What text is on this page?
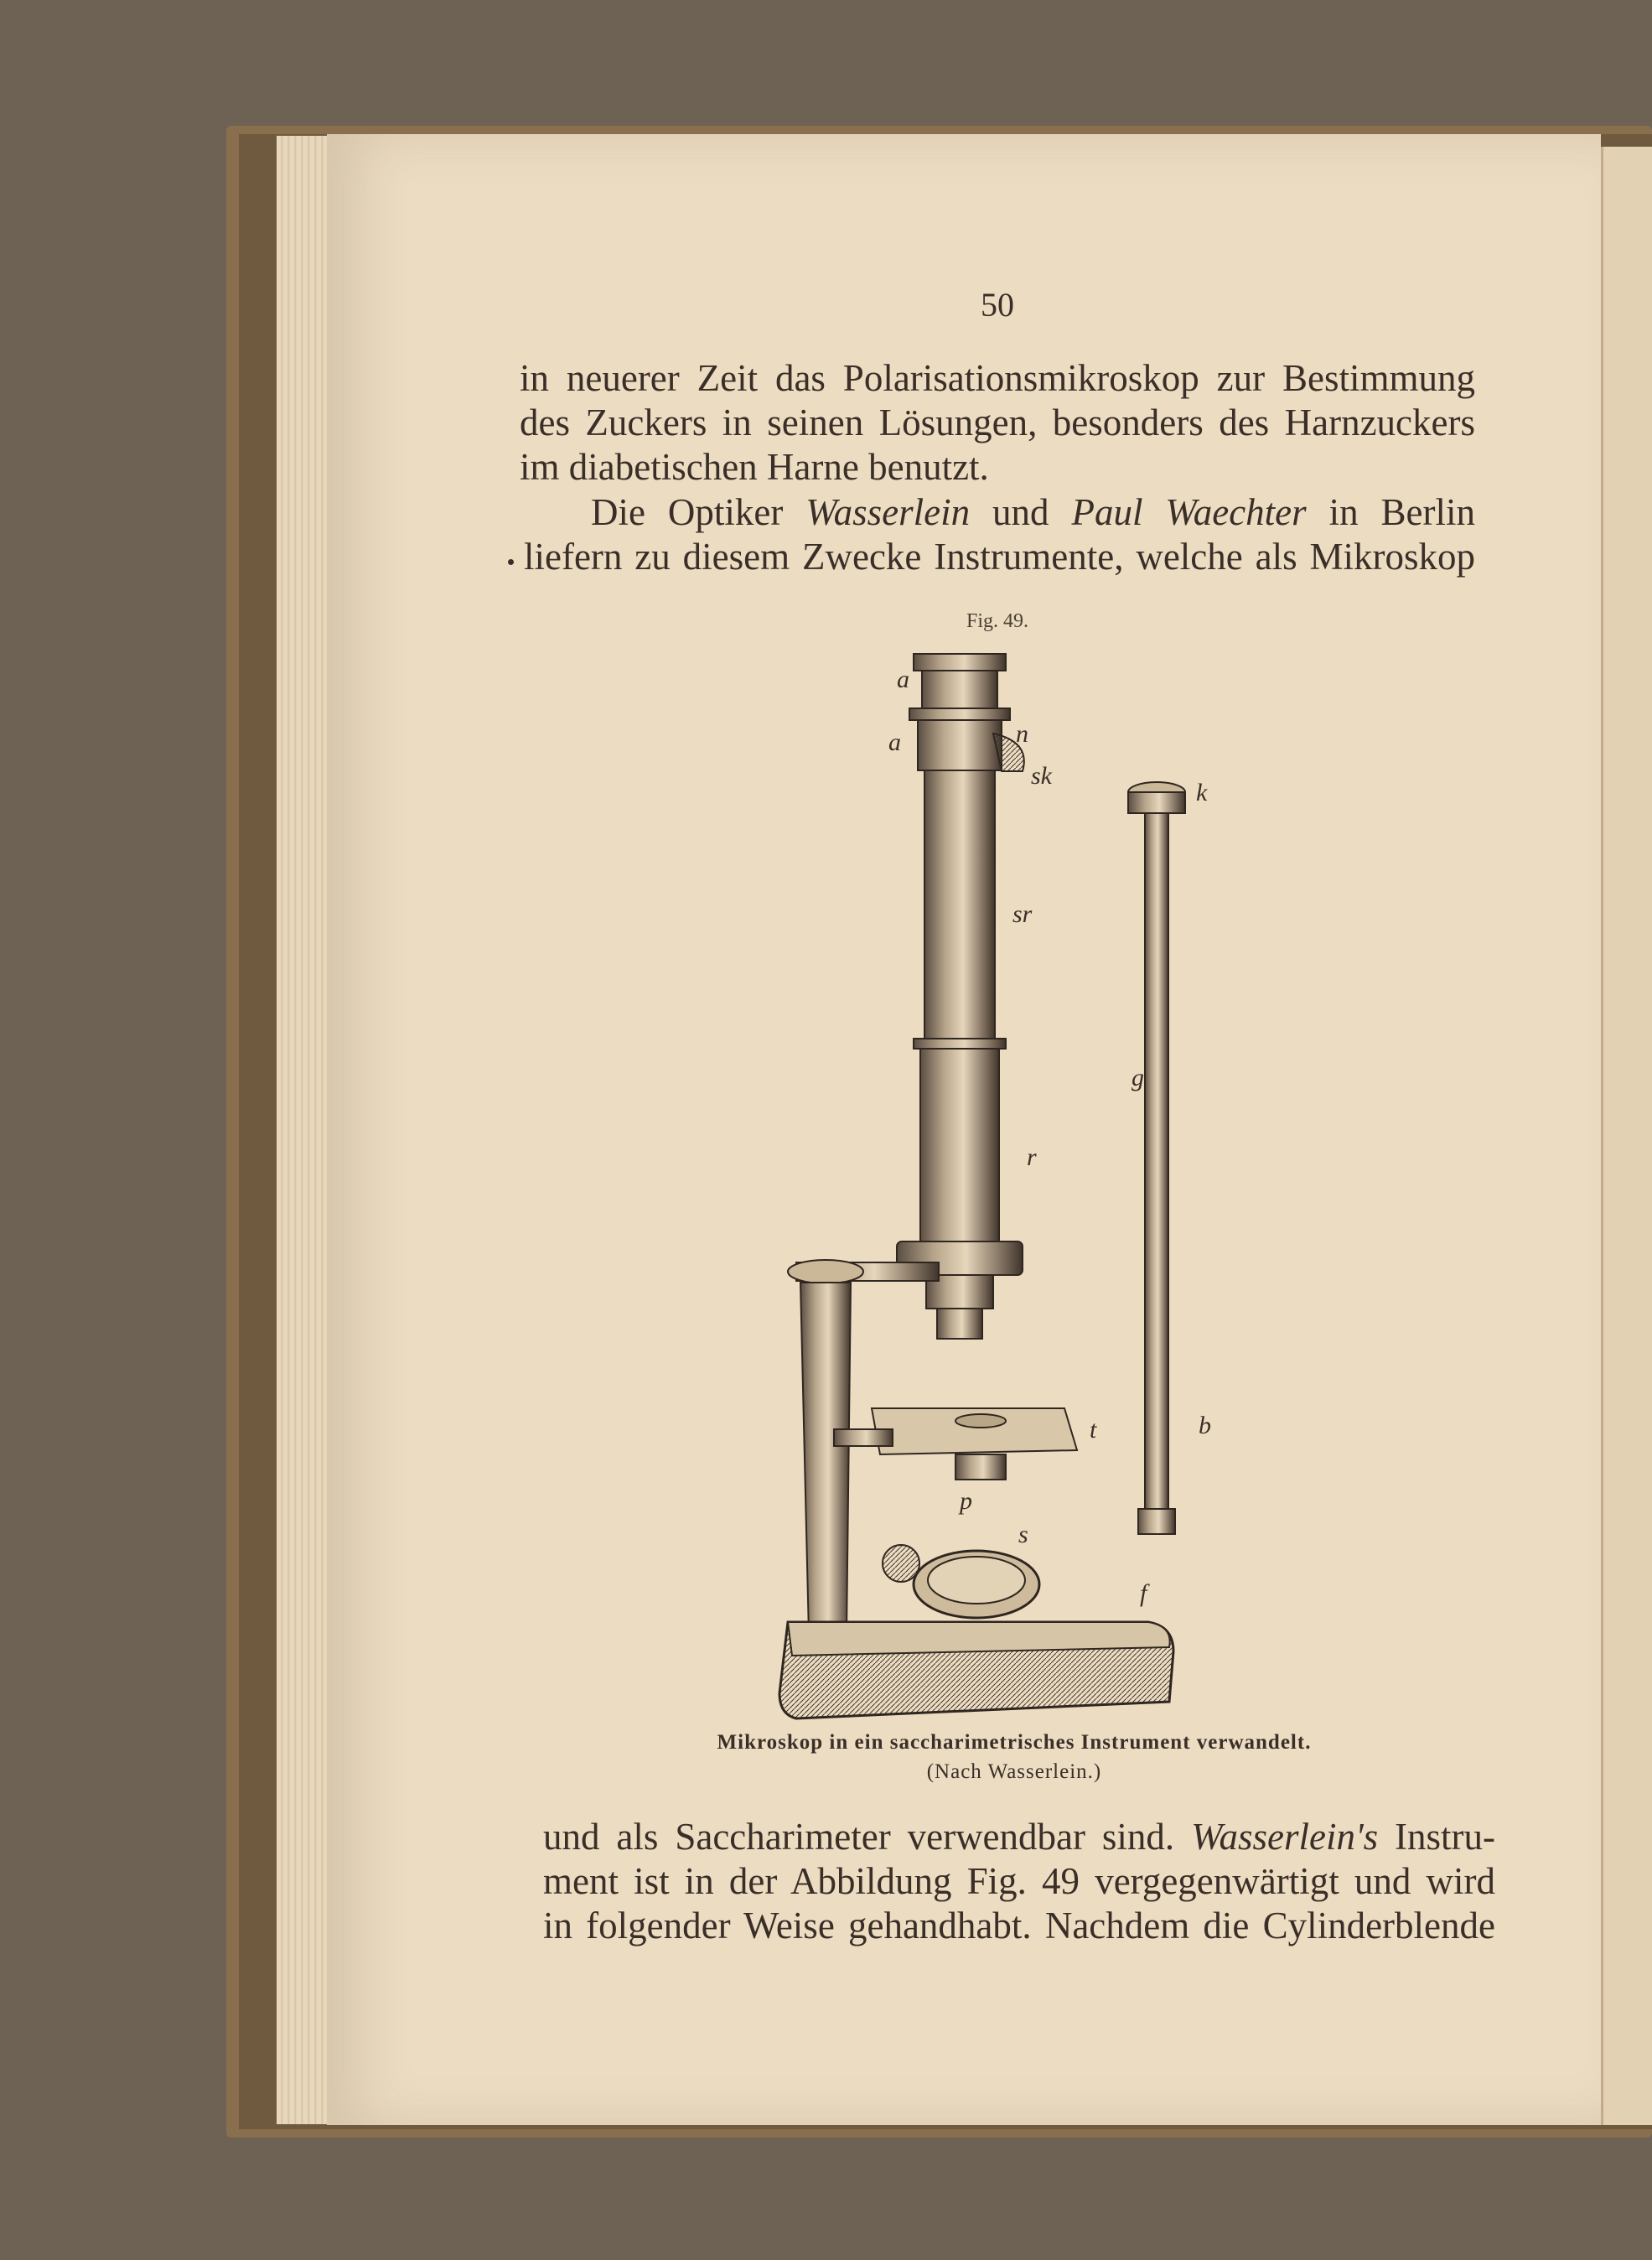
50
in neuerer Zeit das Polarisationsmikroskop zur Bestimmung
des Zuckers in seinen Lösungen, besonders des Harnzuckers
im diabetischen Harne benutzt.
Die Optiker Wasserlein und Paul Waechter in Berlin
liefern zu diesem Zwecke Instrumente, welche als Mikroskop
Fig. 49.
a
a	n
sk
k
sr
g
r
t	b
p
s
f
Mikroskop in ein saccharimetrisches Instrument verwandelt.
(Nach Wasserlein.)
und als Saccharimeter verwendbar sind. Wasserlein's Instru-
ment ist in der Abbildung Fig. 49 vergegenwärtigt und wird
in folgender Weise gehandhabt. Nachdem die Cylinderblende
